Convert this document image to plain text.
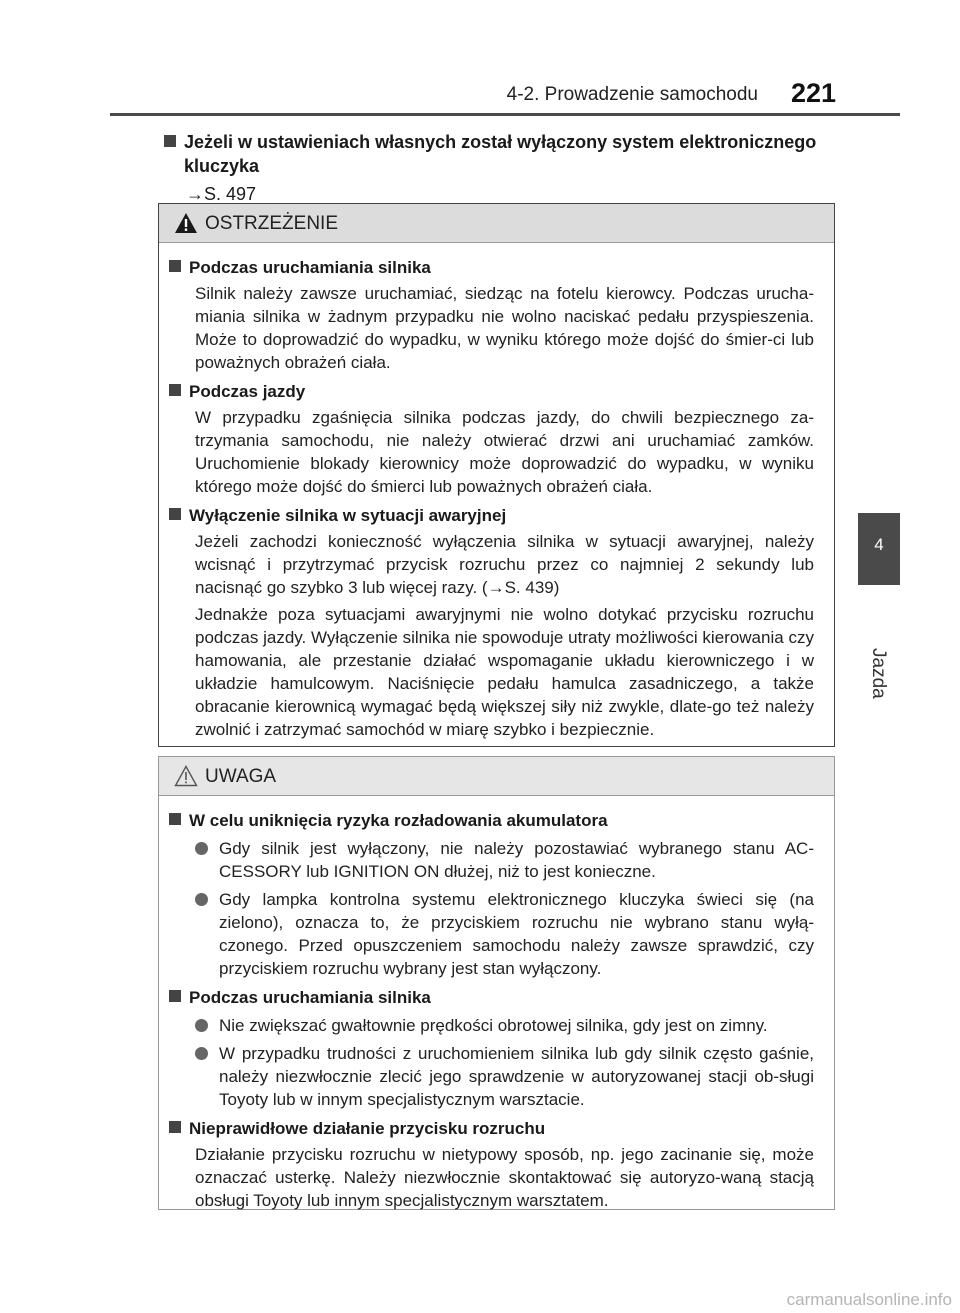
4-2. Prowadzenie samochodu 221
4
Jazda
Jeżeli w ustawieniach własnych został wyłączony system elektronicznego kluczyka
→S. 497
OSTRZEŻENIE

Podczas uruchamiania silnika

Silnik należy zawsze uruchamiać, siedząc na fotelu kierowcy. Podczas urucha-miania silnika w żadnym przypadku nie wolno naciskać pedału przyspieszenia. Może to doprowadzić do wypadku, w wyniku którego może dojść do śmier-ci lub poważnych obrażeń ciała.

Podczas jazdy

W przypadku zgaśnięcia silnika podczas jazdy, do chwili bezpiecznego za-trzymania samochodu, nie należy otwierać drzwi ani uruchamiać zamków. Uruchomienie blokady kierownicy może doprowadzić do wypadku, w wyniku którego może dojść do śmierci lub poważnych obrażeń ciała.

Wyłączenie silnika w sytuacji awaryjnej

Jeżeli zachodzi konieczność wyłączenia silnika w sytuacji awaryjnej, należy wcisnąć i przytrzymać przycisk rozruchu przez co najmniej 2 sekundy lub nacisnąć go szybko 3 lub więcej razy. (→S. 439)

Jednakże poza sytuacjami awaryjnymi nie wolno dotykać przycisku rozruchu podczas jazdy. Wyłączenie silnika nie spowoduje utraty możliwości kierowania czy hamowania, ale przestanie działać wspomaganie układu kierowniczego i w układzie hamulcowym. Naciśnięcie pedału hamulca zasadniczego, a także obracanie kierownicą wymagać będą większej siły niż zwykle, dlate-go też należy zwolnić i zatrzymać samochód w miarę szybko i bezpiecznie.

UWAGA

W celu uniknięcia ryzyka rozładowania akumulatora

Gdy silnik jest wyłączony, nie należy pozostawiać wybranego stanu AC-CESSORY lub IGNITION ON dłużej, niż to jest konieczne.
Gdy lampka kontrolna systemu elektronicznego kluczyka świeci się (na zielono), oznacza to, że przyciskiem rozruchu nie wybrano stanu wyłą-czonego. Przed opuszczeniem samochodu należy zawsze sprawdzić, czy przyciskiem rozruchu wybrany jest stan wyłączony.

Podczas uruchamiania silnika

Nie zwiększać gwałtownie prędkości obrotowej silnika, gdy jest on zimny.
W przypadku trudności z uruchomieniem silnika lub gdy silnik często gaśnie, należy niezwłocznie zlecić jego sprawdzenie w autoryzowanej stacji ob-sługi Toyoty lub w innym specjalistycznym warsztacie.

Nieprawidłowe działanie przycisku rozruchu

Działanie przycisku rozruchu w nietypowy sposób, np. jego zacinanie się, może oznaczać usterkę. Należy niezwłocznie skontaktować się autoryzo-waną stacją obsługi Toyoty lub innym specjalistycznym warsztatem.

carmanualsonline.info
